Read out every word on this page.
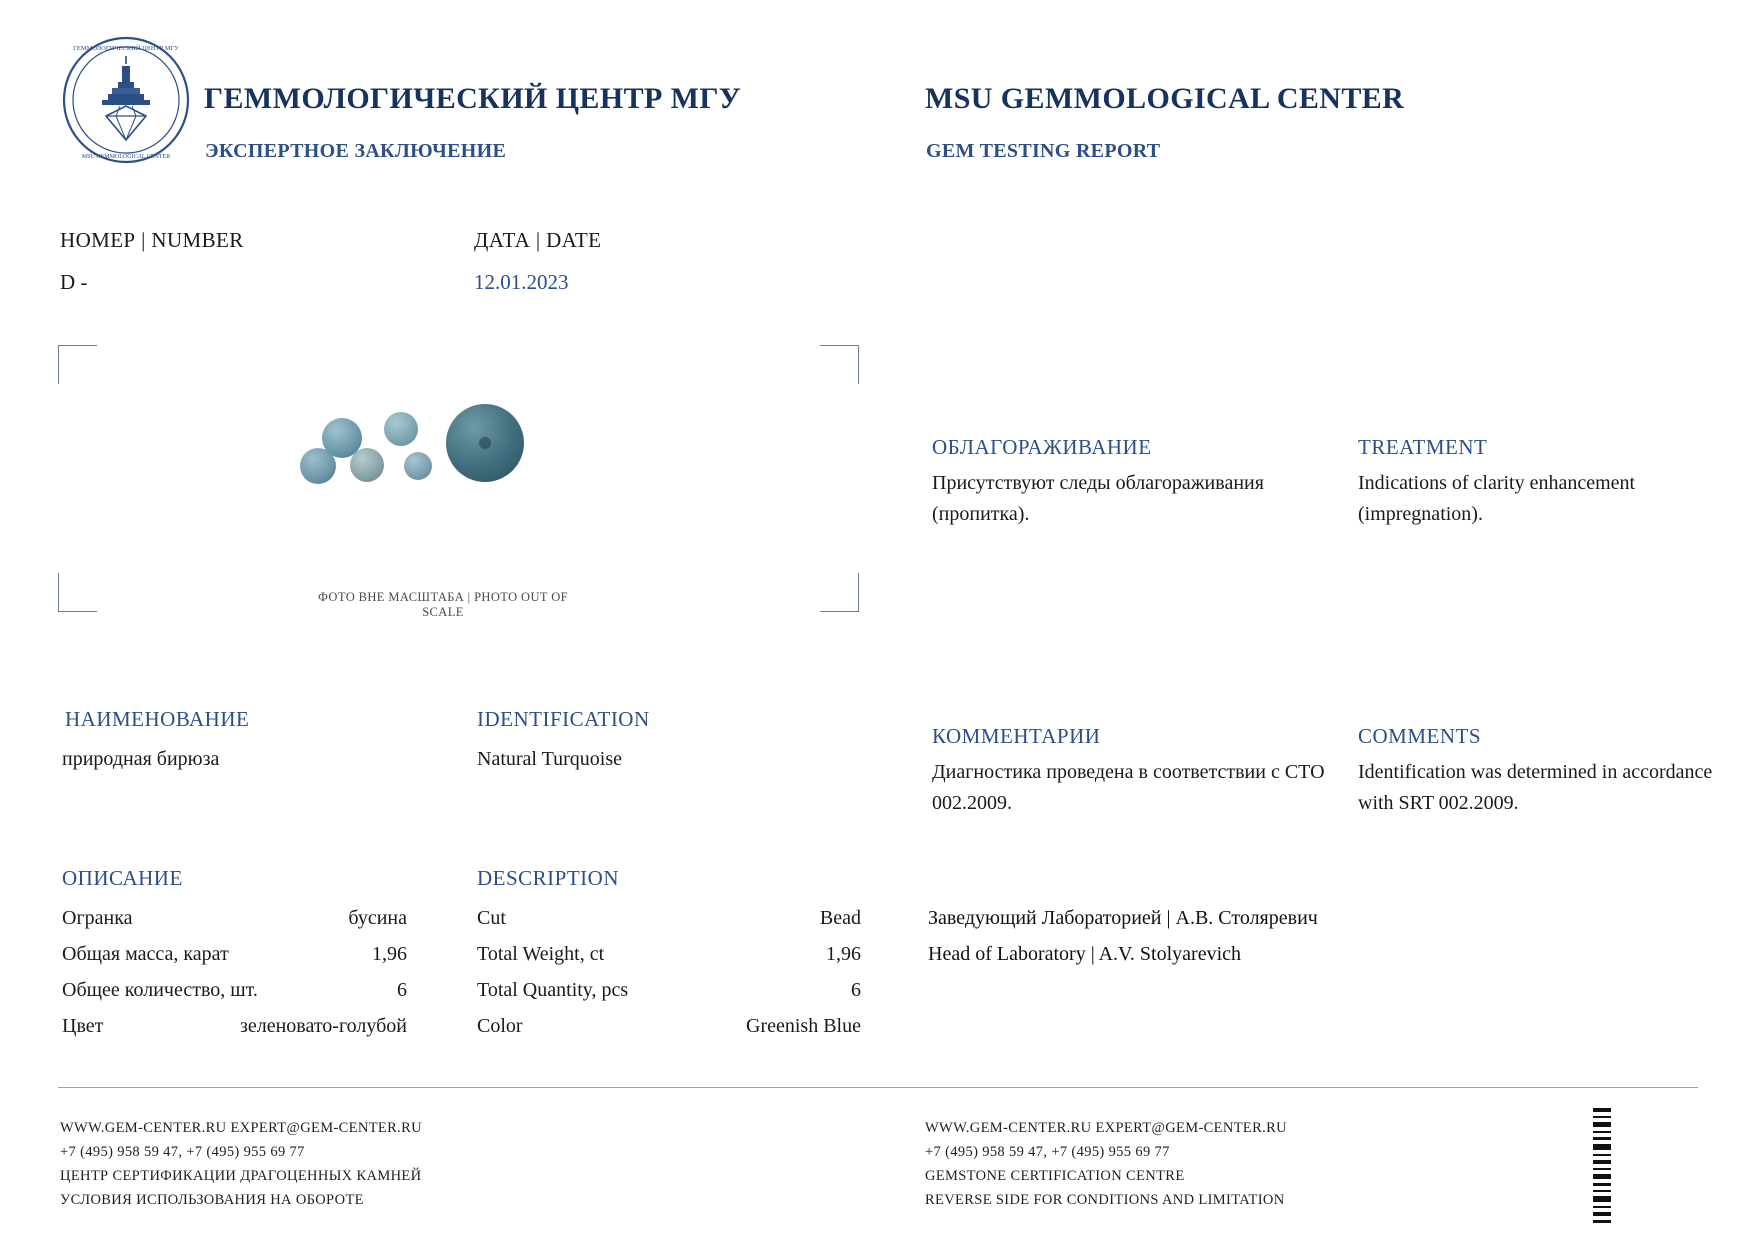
ГЕММОЛОГИЧЕСКИЙ ЦЕНТР МГУ
MSU GEMMOLOGICAL CENTER
ГЕММОЛОГИЧЕСКИЙ ЦЕНТР МГУ
ЭКСПЕРТНОЕ ЗАКЛЮЧЕНИЕ
MSU GEMMOLOGICAL CENTER
GEM TESTING REPORT
НОМЕР | NUMBER
D -
ДАТА | DATE
12.01.2023
ФОТО ВНЕ МАСШТАБА | PHOTO OUT OF SCALE
ОБЛАГОРАЖИВАНИЕ
Присутствуют следы облагораживания (пропитка).
TREATMENT
Indications of clarity enhancement (impregnation).
КОММЕНТАРИИ
Диагностика проведена в соответствии с СТО 002.2009.
COMMENTS
Identification was determined in accordance with SRT 002.2009.
НАИМЕНОВАНИЕ
природная бирюза
IDENTIFICATION
Natural Turquoise
ОПИСАНИЕ	DESCRIPTION
Огранка	бусина
Общая масса, карат	1,96
Общее количество, шт.	6
Цвет	зеленовато-голубой
Cut	Bead
Total Weight, ct	1,96
Total Quantity, pcs	6
Color	Greenish Blue
Заведующий Лабораторией | А.В. Столяревич
Head of Laboratory | A.V. Stolyarevich
WWW.GEM-CENTER.RU EXPERT@GEM-CENTER.RU
+7 (495) 958 59 47, +7 (495) 955 69 77
ЦЕНТР СЕРТИФИКАЦИИ ДРАГОЦЕННЫХ КАМНЕЙ
УСЛОВИЯ ИСПОЛЬЗОВАНИЯ НА ОБОРОТЕ
WWW.GEM-CENTER.RU EXPERT@GEM-CENTER.RU
+7 (495) 958 59 47, +7 (495) 955 69 77
GEMSTONE CERTIFICATION CENTRE
REVERSE SIDE FOR CONDITIONS AND LIMITATION
